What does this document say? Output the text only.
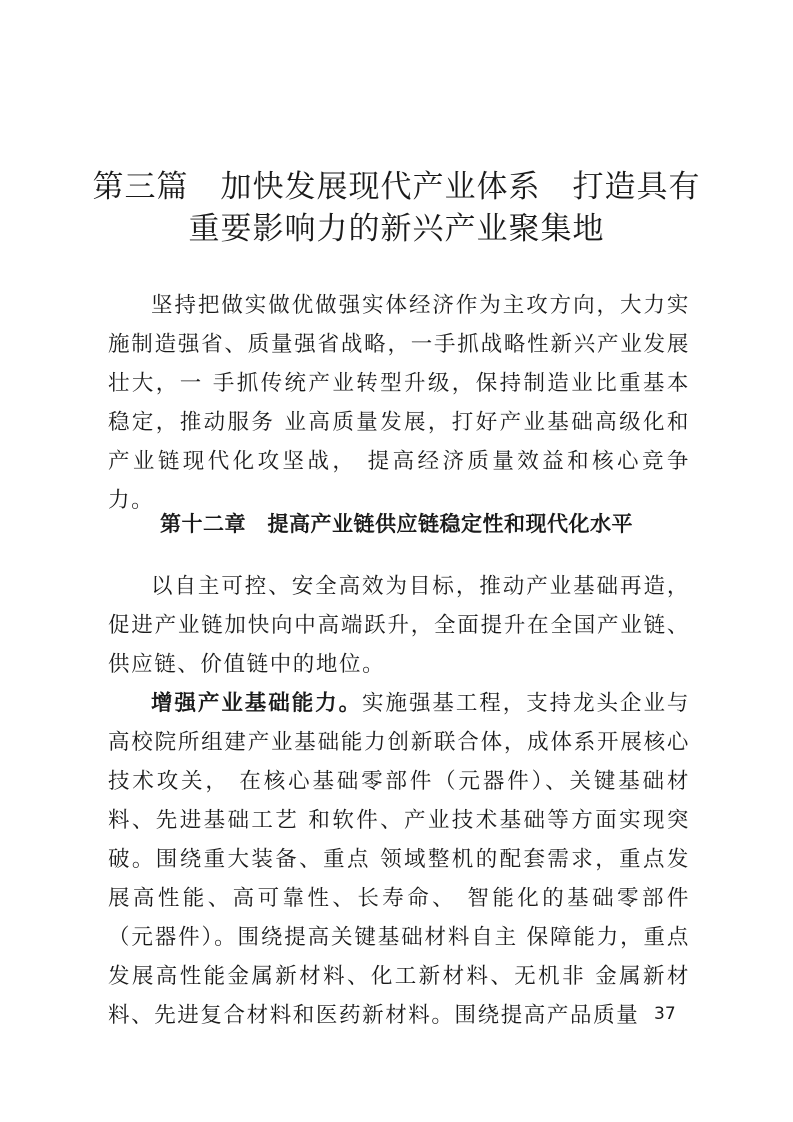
第三篇　加快发展现代产业体系　打造具有
重要影响力的新兴产业聚集地

坚持把做实做优做强实体经济作为主攻方向，大力实施制造强省、质量强省战略，一手抓战略性新兴产业发展壮大，一 手抓传统产业转型升级，保持制造业比重基本稳定，推动服务 业高质量发展，打好产业基础高级化和产业链现代化攻坚战， 提高经济质量效益和核心竞争力。

第十二章　提高产业链供应链稳定性和现代化水平

以自主可控、安全高效为目标，推动产业基础再造，促进产业链加快向中高端跃升，全面提升在全国产业链、供应链、价值链中的地位。

增强产业基础能力。实施强基工程，支持龙头企业与高校院所组建产业基础能力创新联合体，成体系开展核心技术攻关， 在核心基础零部件（元器件）、关键基础材料、先进基础工艺 和软件、产业技术基础等方面实现突破。围绕重大装备、重点 领域整机的配套需求，重点发展高性能、高可靠性、长寿命、 智能化的基础零部件（元器件）。围绕提高关键基础材料自主 保障能力，重点发展高性能金属新材料、化工新材料、无机非 金属新材料、先进复合材料和医药新材料。围绕提高产品质量 37
